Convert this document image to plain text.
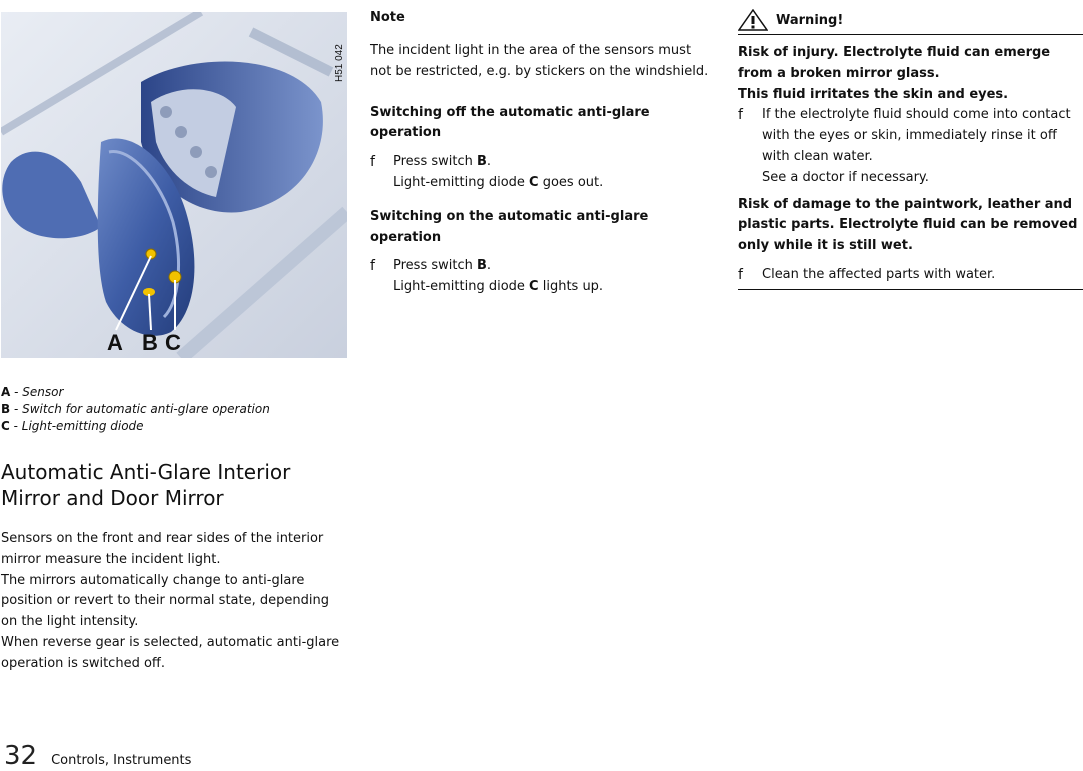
A B C
H51 042
A - Sensor
B - Switch for automatic anti-glare operation
C - Light-emitting diode
Automatic Anti-Glare Interior Mirror and Door Mirror

Sensors on the front and rear sides of the interior mirror measure the incident light.

The mirrors automatically change to anti-glare position or revert to their normal state, depending on the light intensity.

When reverse gear is selected, automatic anti-glare operation is switched off.

Note

The incident light in the area of the sensors must not be restricted, e.g. by stickers on the windshield.

Switching off the automatic anti-glare operation
f Press switch B.
Light-emitting diode C goes out.
Switching on the automatic anti-glare operation
f Press switch B.
Light-emitting diode C lights up.
Warning!

Risk of injury. Electrolyte fluid can emerge from a broken mirror glass.

This fluid irritates the skin and eyes.

f If the electrolyte fluid should come into contact with the eyes or skin, immediately rinse it off with clean water.
See a doctor if necessary.

Risk of damage to the paintwork, leather and plastic parts. Electrolyte fluid can be removed only while it is still wet.

f Clean the affected parts with water.
32 Controls, Instruments
